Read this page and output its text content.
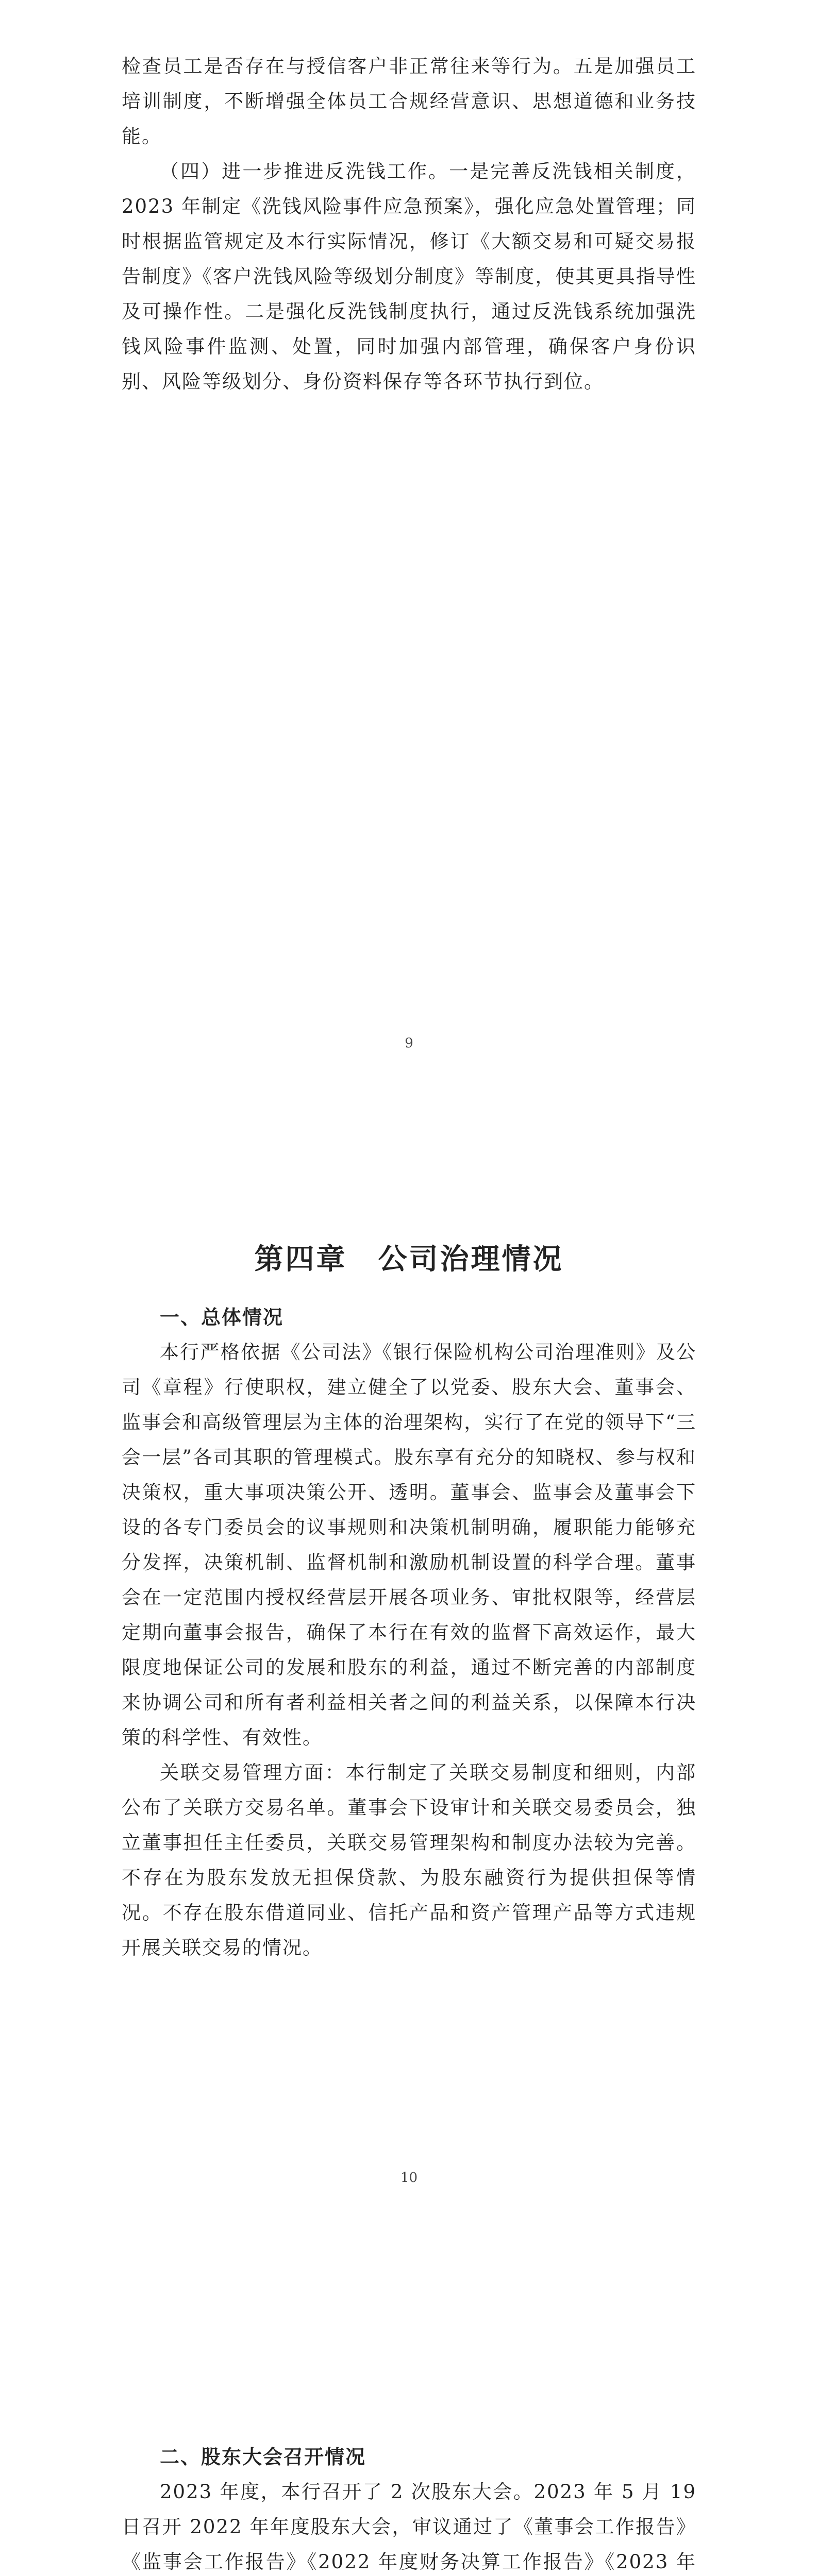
检查员工是否存在与授信客户非正常往来等行为。五是加强员工培训制度，不断增强全体员工合规经营意识、思想道德和业务技能。

（四）进一步推进反洗钱工作。一是完善反洗钱相关制度，2023 年制定《洗钱风险事件应急预案》，强化应急处置管理；同时根据监管规定及本行实际情况，修订《大额交易和可疑交易报告制度》《客户洗钱风险等级划分制度》等制度，使其更具指导性及可操作性。二是强化反洗钱制度执行，通过反洗钱系统加强洗钱风险事件监测、处置，同时加强内部管理，确保客户身份识别、风险等级划分、身份资料保存等各环节执行到位。

9
第四章　公司治理情况
一、总体情况

本行严格依据《公司法》《银行保险机构公司治理准则》及公司《章程》行使职权，建立健全了以党委、股东大会、董事会、监事会和高级管理层为主体的治理架构，实行了在党的领导下“三会一层”各司其职的管理模式。股东享有充分的知晓权、参与权和决策权，重大事项决策公开、透明。董事会、监事会及董事会下设的各专门委员会的议事规则和决策机制明确，履职能力能够充分发挥，决策机制、监督机制和激励机制设置的科学合理。董事会在一定范围内授权经营层开展各项业务、审批权限等，经营层定期向董事会报告，确保了本行在有效的监督下高效运作，最大限度地保证公司的发展和股东的利益，通过不断完善的内部制度来协调公司和所有者利益相关者之间的利益关系，以保障本行决策的科学性、有效性。

关联交易管理方面：本行制定了关联交易制度和细则，内部公布了关联方交易名单。董事会下设审计和关联交易委员会，独立董事担任主任委员，关联交易管理架构和制度办法较为完善。不存在为股东发放无担保贷款、为股东融资行为提供担保等情况。不存在股东借道同业、信托产品和资产管理产品等方式违规开展关联交易的情况。

10
二、股东大会召开情况

2023 年度，本行召开了 2 次股东大会。2023 年 5 月 19 日召开 2022 年年度股东大会，审议通过了《董事会工作报告》《监事会工作报告》《2022 年度财务决算工作报告》《2023 年
